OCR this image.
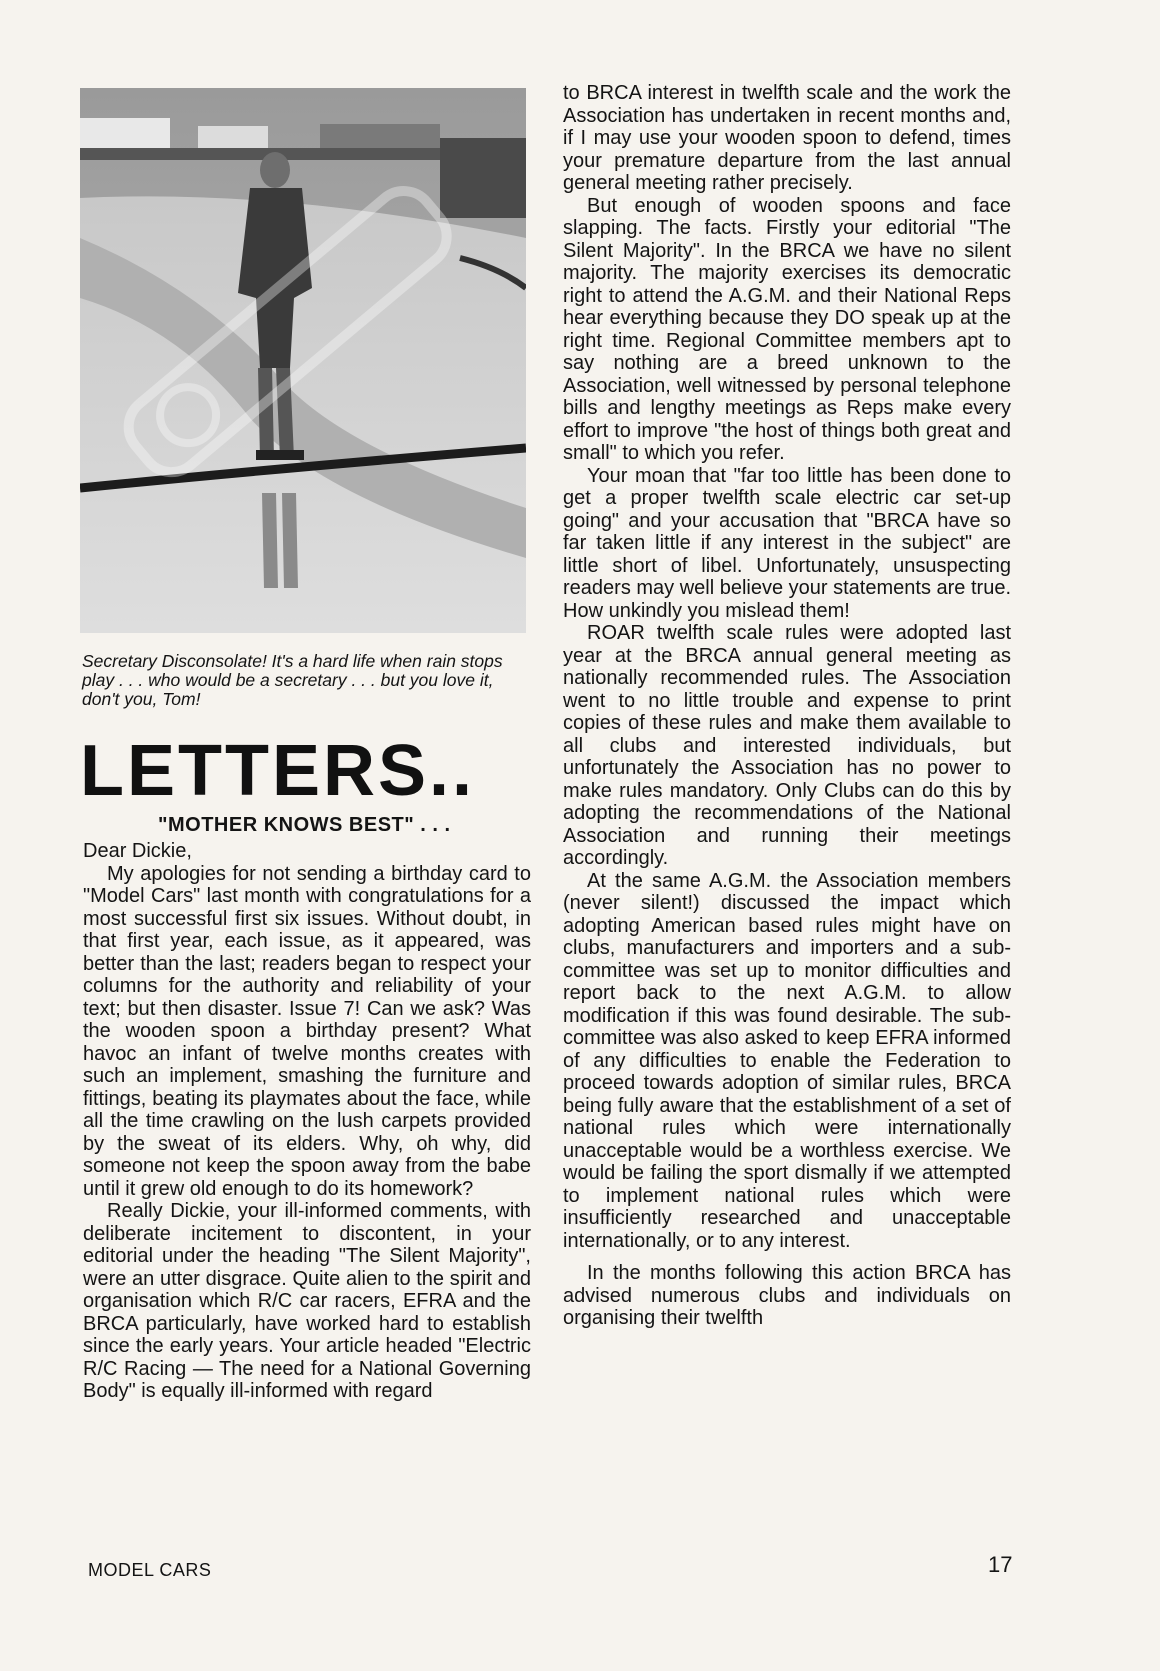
Secretary Disconsolate! It's a hard life when rain stops play . . . who would be a secretary . . . but you love it, don't you, Tom!

LETTERS..
"MOTHER KNOWS BEST" . . .

Dear Dickie,

My apologies for not sending a birthday card to "Model Cars" last month with congratulations for a most successful first six issues. Without doubt, in that first year, each issue, as it appeared, was better than the last; readers began to respect your columns for the authority and reliability of your text; but then disaster. Issue 7! Can we ask? Was the wooden spoon a birthday present? What havoc an infant of twelve months creates with such an implement, smashing the furniture and fittings, beating its playmates about the face, while all the time crawling on the lush carpets provided by the sweat of its elders. Why, oh why, did someone not keep the spoon away from the babe until it grew old enough to do its homework?

Really Dickie, your ill-informed comments, with deliberate incitement to discontent, in your editorial under the heading "The Silent Majority", were an utter disgrace. Quite alien to the spirit and organisation which R/C car racers, EFRA and the BRCA particularly, have worked hard to establish since the early years. Your article headed "Electric R/C Racing — The need for a National Governing Body" is equally ill-informed with regard

to BRCA interest in twelfth scale and the work the Association has undertaken in recent months and, if I may use your wooden spoon to defend, times your premature departure from the last annual general meeting rather precisely.

But enough of wooden spoons and face slapping. The facts. Firstly your editorial "The Silent Majority". In the BRCA we have no silent majority. The majority exercises its democratic right to attend the A.G.M. and their National Reps hear everything because they DO speak up at the right time. Regional Committee members apt to say nothing are a breed unknown to the Association, well witnessed by personal telephone bills and lengthy meetings as Reps make every effort to improve "the host of things both great and small" to which you refer.

Your moan that "far too little has been done to get a proper twelfth scale electric car set-up going" and your accusation that "BRCA have so far taken little if any interest in the subject" are little short of libel. Unfortunately, unsuspecting readers may well believe your statements are true. How unkindly you mislead them!

ROAR twelfth scale rules were adopted last year at the BRCA annual general meeting as nationally recommended rules. The Association went to no little trouble and expense to print copies of these rules and make them available to all clubs and interested individuals, but unfortunately the Association has no power to make rules mandatory. Only Clubs can do this by adopting the recommendations of the National Association and running their meetings accordingly.

At the same A.G.M. the Association members (never silent!) discussed the impact which adopting American based rules might have on clubs, manufacturers and importers and a sub-committee was set up to monitor difficulties and report back to the next A.G.M. to allow modification if this was found desirable. The sub-committee was also asked to keep EFRA informed of any difficulties to enable the Federation to proceed towards adoption of similar rules, BRCA being fully aware that the establishment of a set of national rules which were internationally unacceptable would be a worthless exercise. We would be failing the sport dismally if we attempted to implement national rules which were insufficiently researched and unacceptable internationally, or to any interest.

In the months following this action BRCA has advised numerous clubs and individuals on organising their twelfth

MODEL CARS	17
